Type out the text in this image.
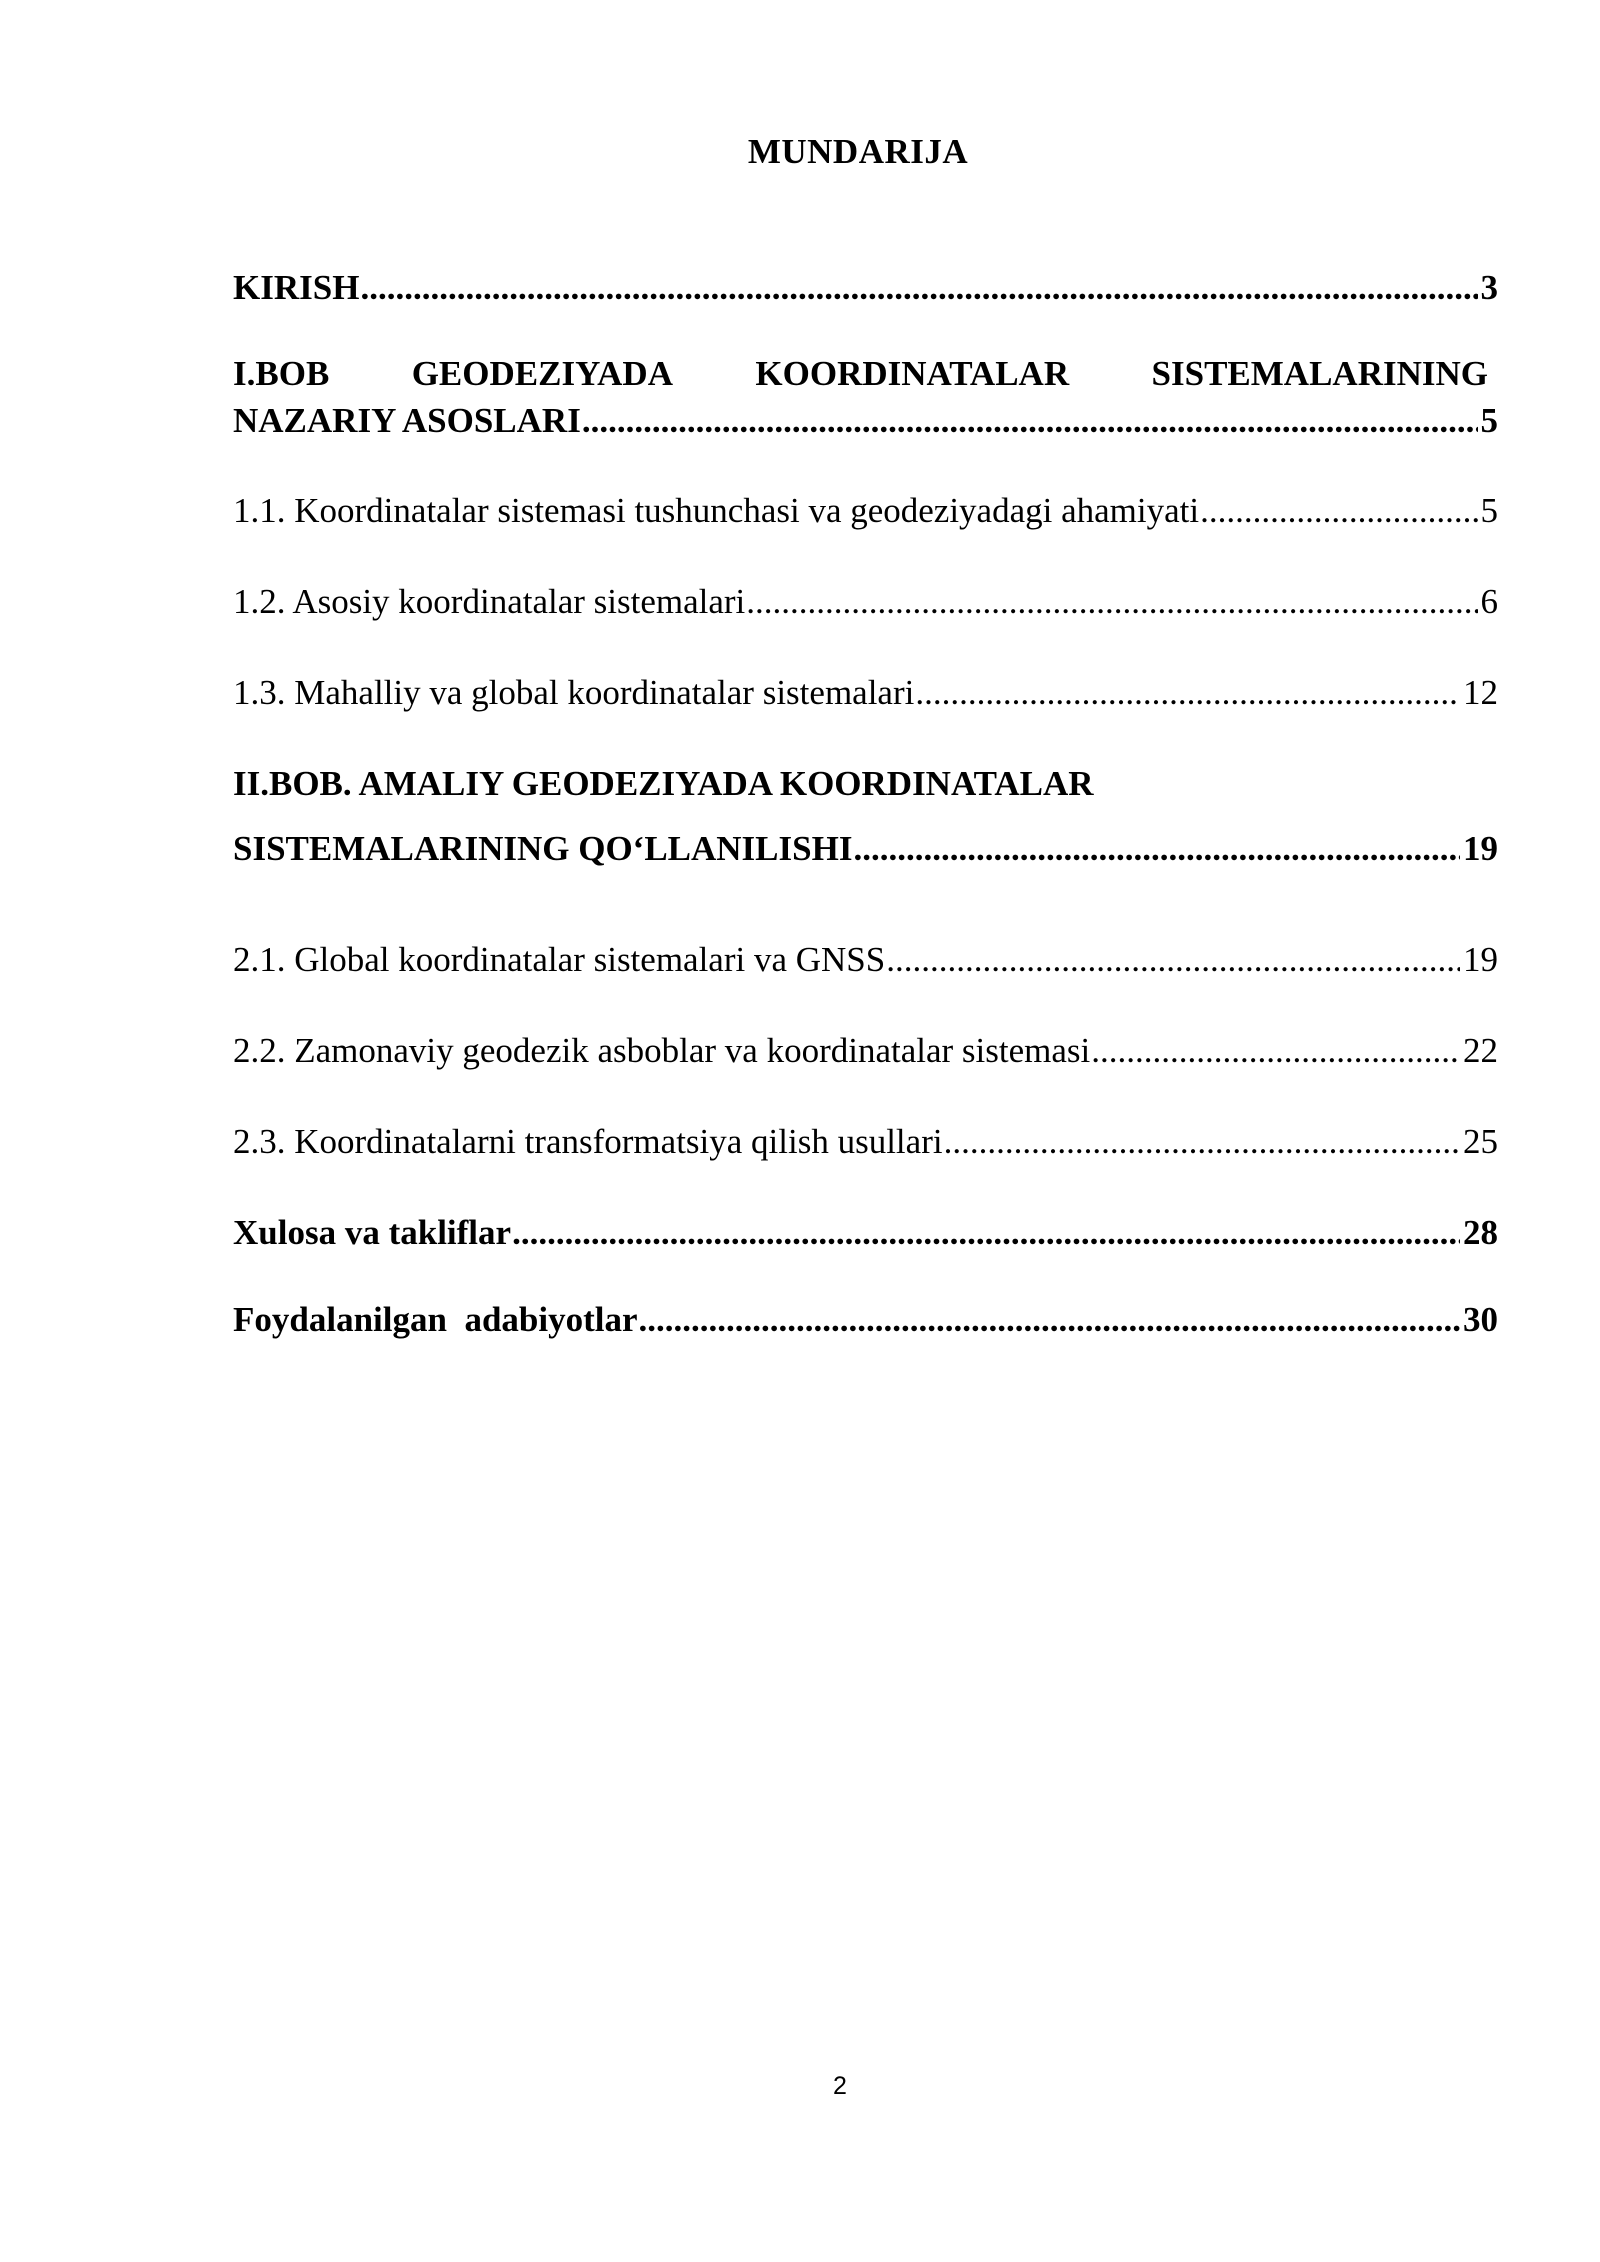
MUNDARIJA
KIRISH .....	3
I.BOB GEODEZIYADA KOORDINATALAR SISTEMALARINING
NAZARIY ASOSLARI .....	5
1.1. Koordinatalar sistemasi tushunchasi va geodeziyadagi ahamiyati .....	5
1.2. Asosiy koordinatalar sistemalari .....	6
1.3. Mahalliy va global koordinatalar sistemalari .....	12
II.BOB. AMALIY GEODEZIYADA KOORDINATALAR
SISTEMALARINING QO‘LLANILISHI .....	19
2.1. Global koordinatalar sistemalari va GNSS .....	19
2.2. Zamonaviy geodezik asboblar va koordinatalar sistemasi .....	22
2.3. Koordinatalarni transformatsiya qilish usullari .....	25
Xulosa va takliflar .....	28
Foydalanilgan  adabiyotlar .....	30
2
